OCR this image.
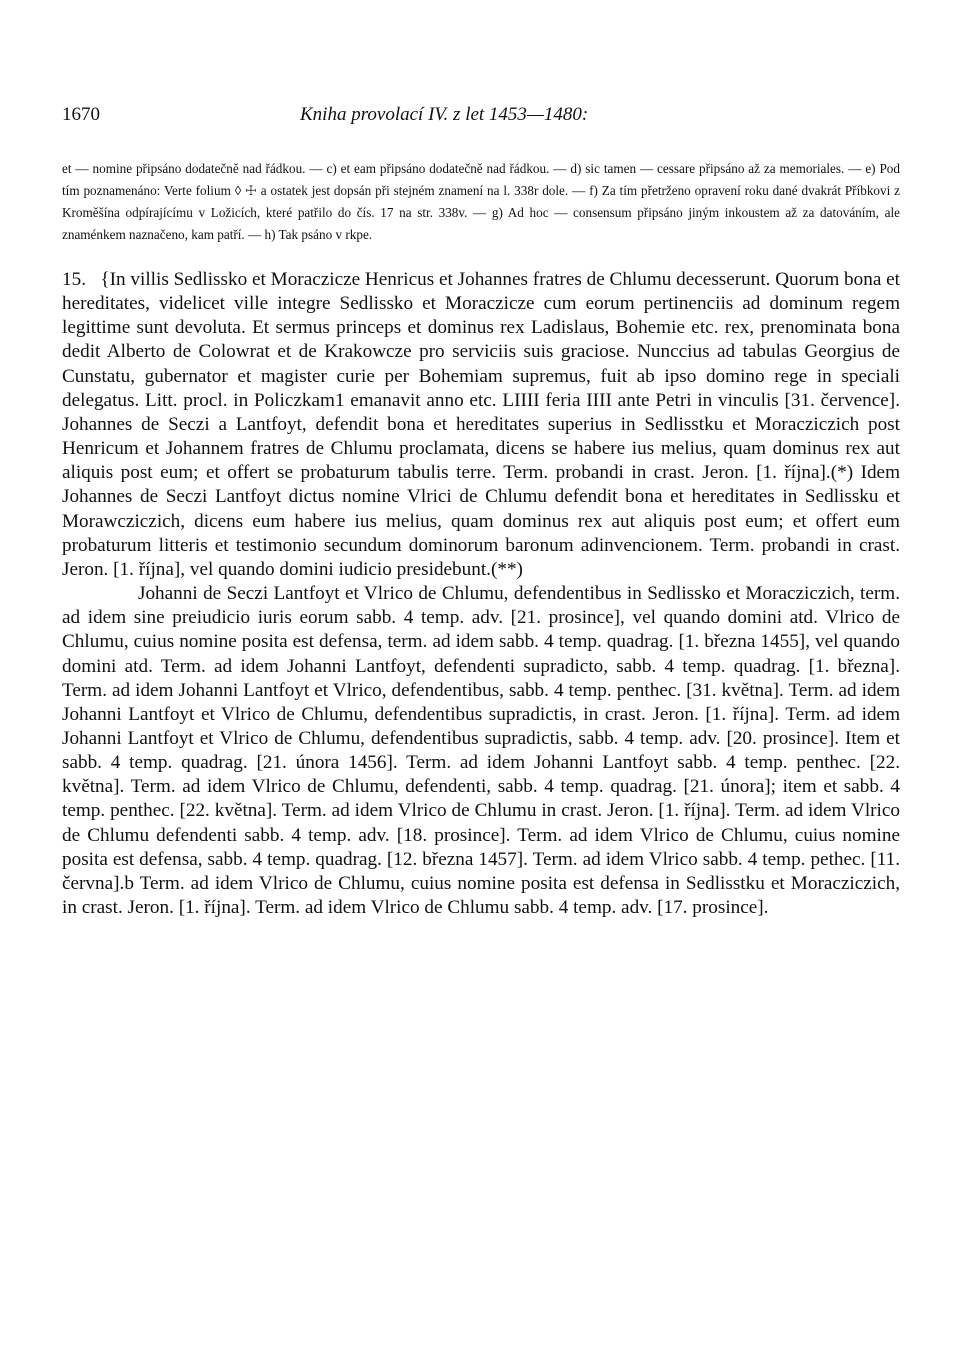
1670	Kniha provolací IV. z let 1453—1480:

et — nomine připsáno dodatečně nad řádkou. — c) et eam připsáno dodatečně nad řádkou. — d) sic tamen — cessare připsáno až za memoriales. — e) Pod tím poznamenáno: Verte folium ◊ ☩ a ostatek jest dopsán při stejném znamení na l. 338r dole. — f) Za tím přetrženo opravení roku dané dvakrát Příbkovi z Kroměšína odpírajícímu v Ložicích, které patřilo do čís. 17 na str. 338v. — g) Ad hoc — consensum připsáno jiným inkoustem až za datováním, ale znaménkem naznačeno, kam patří. — h) Tak psáno v rkpe.

15. {In villis Sedlissko et Moraczicze Henricus et Johannes fratres de Chlumu decesserunt. Quorum bona et hereditates, videlicet ville integre Sedlissko et Moraczicze cum eorum pertinenciis ad dominum regem legittime sunt devoluta. Et sermus princeps et dominus rex Ladislaus, Bohemie etc. rex, prenominata bona dedit Alberto de Colowrat et de Krakowcze pro serviciis suis graciose. Nunccius ad tabulas Georgius de Cunstatu, gubernator et magister curie per Bohemiam supremus, fuit ab ipso domino rege in speciali delegatus. Litt. procl. in Policzkam1 emanavit anno etc. LIIII feria IIII ante Petri in vinculis [31. července]. Johannes de Seczi a Lantfoyt, defendit bona et hereditates superius in Sedlisstku et Moracziczich post Henricum et Johannem fratres de Chlumu proclamata, dicens se habere ius melius, quam dominus rex aut aliquis post eum; et offert se probaturum tabulis terre. Term. probandi in crast. Jeron. [1. října].(*) Idem Johannes de Seczi Lantfoyt dictus nomine Vlrici de Chlumu defendit bona et hereditates in Sedlissku et Morawcziczich, dicens eum habere ius melius, quam dominus rex aut aliquis post eum; et offert eum probaturum litteris et testimonio secundum dominorum baronum adinvencionem. Term. probandi in crast. Jeron. [1. října], vel quando domini iudicio presidebunt.(**)

Johanni de Seczi Lantfoyt et Vlrico de Chlumu, defendentibus in Sedlissko et Moracziczich, term. ad idem sine preiudicio iuris eorum sabb. 4 temp. adv. [21. prosince], vel quando domini atd. Vlrico de Chlumu, cuius nomine posita est defensa, term. ad idem sabb. 4 temp. quadrag. [1. března 1455], vel quando domini atd. Term. ad idem Johanni Lantfoyt, defendenti supradicto, sabb. 4 temp. quadrag. [1. března]. Term. ad idem Johanni Lantfoyt et Vlrico, defendentibus, sabb. 4 temp. penthec. [31. května]. Term. ad idem Johanni Lantfoyt et Vlrico de Chlumu, defendentibus supradictis, in crast. Jeron. [1. října]. Term. ad idem Johanni Lantfoyt et Vlrico de Chlumu, defendentibus supradictis, sabb. 4 temp. adv. [20. prosince]. Item et sabb. 4 temp. quadrag. [21. února 1456]. Term. ad idem Johanni Lantfoyt sabb. 4 temp. penthec. [22. května]. Term. ad idem Vlrico de Chlumu, defendenti, sabb. 4 temp. quadrag. [21. února]; item et sabb. 4 temp. penthec. [22. května]. Term. ad idem Vlrico de Chlumu in crast. Jeron. [1. října]. Term. ad idem Vlrico de Chlumu defendenti sabb. 4 temp. adv. [18. prosince]. Term. ad idem Vlrico de Chlumu, cuius nomine posita est defensa, sabb. 4 temp. quadrag. [12. března 1457]. Term. ad idem Vlrico sabb. 4 temp. pethec. [11. června].b Term. ad idem Vlrico de Chlumu, cuius nomine posita est defensa in Sedlisstku et Moracziczich, in crast. Jeron. [1. října]. Term. ad idem Vlrico de Chlumu sabb. 4 temp. adv. [17. prosince].
